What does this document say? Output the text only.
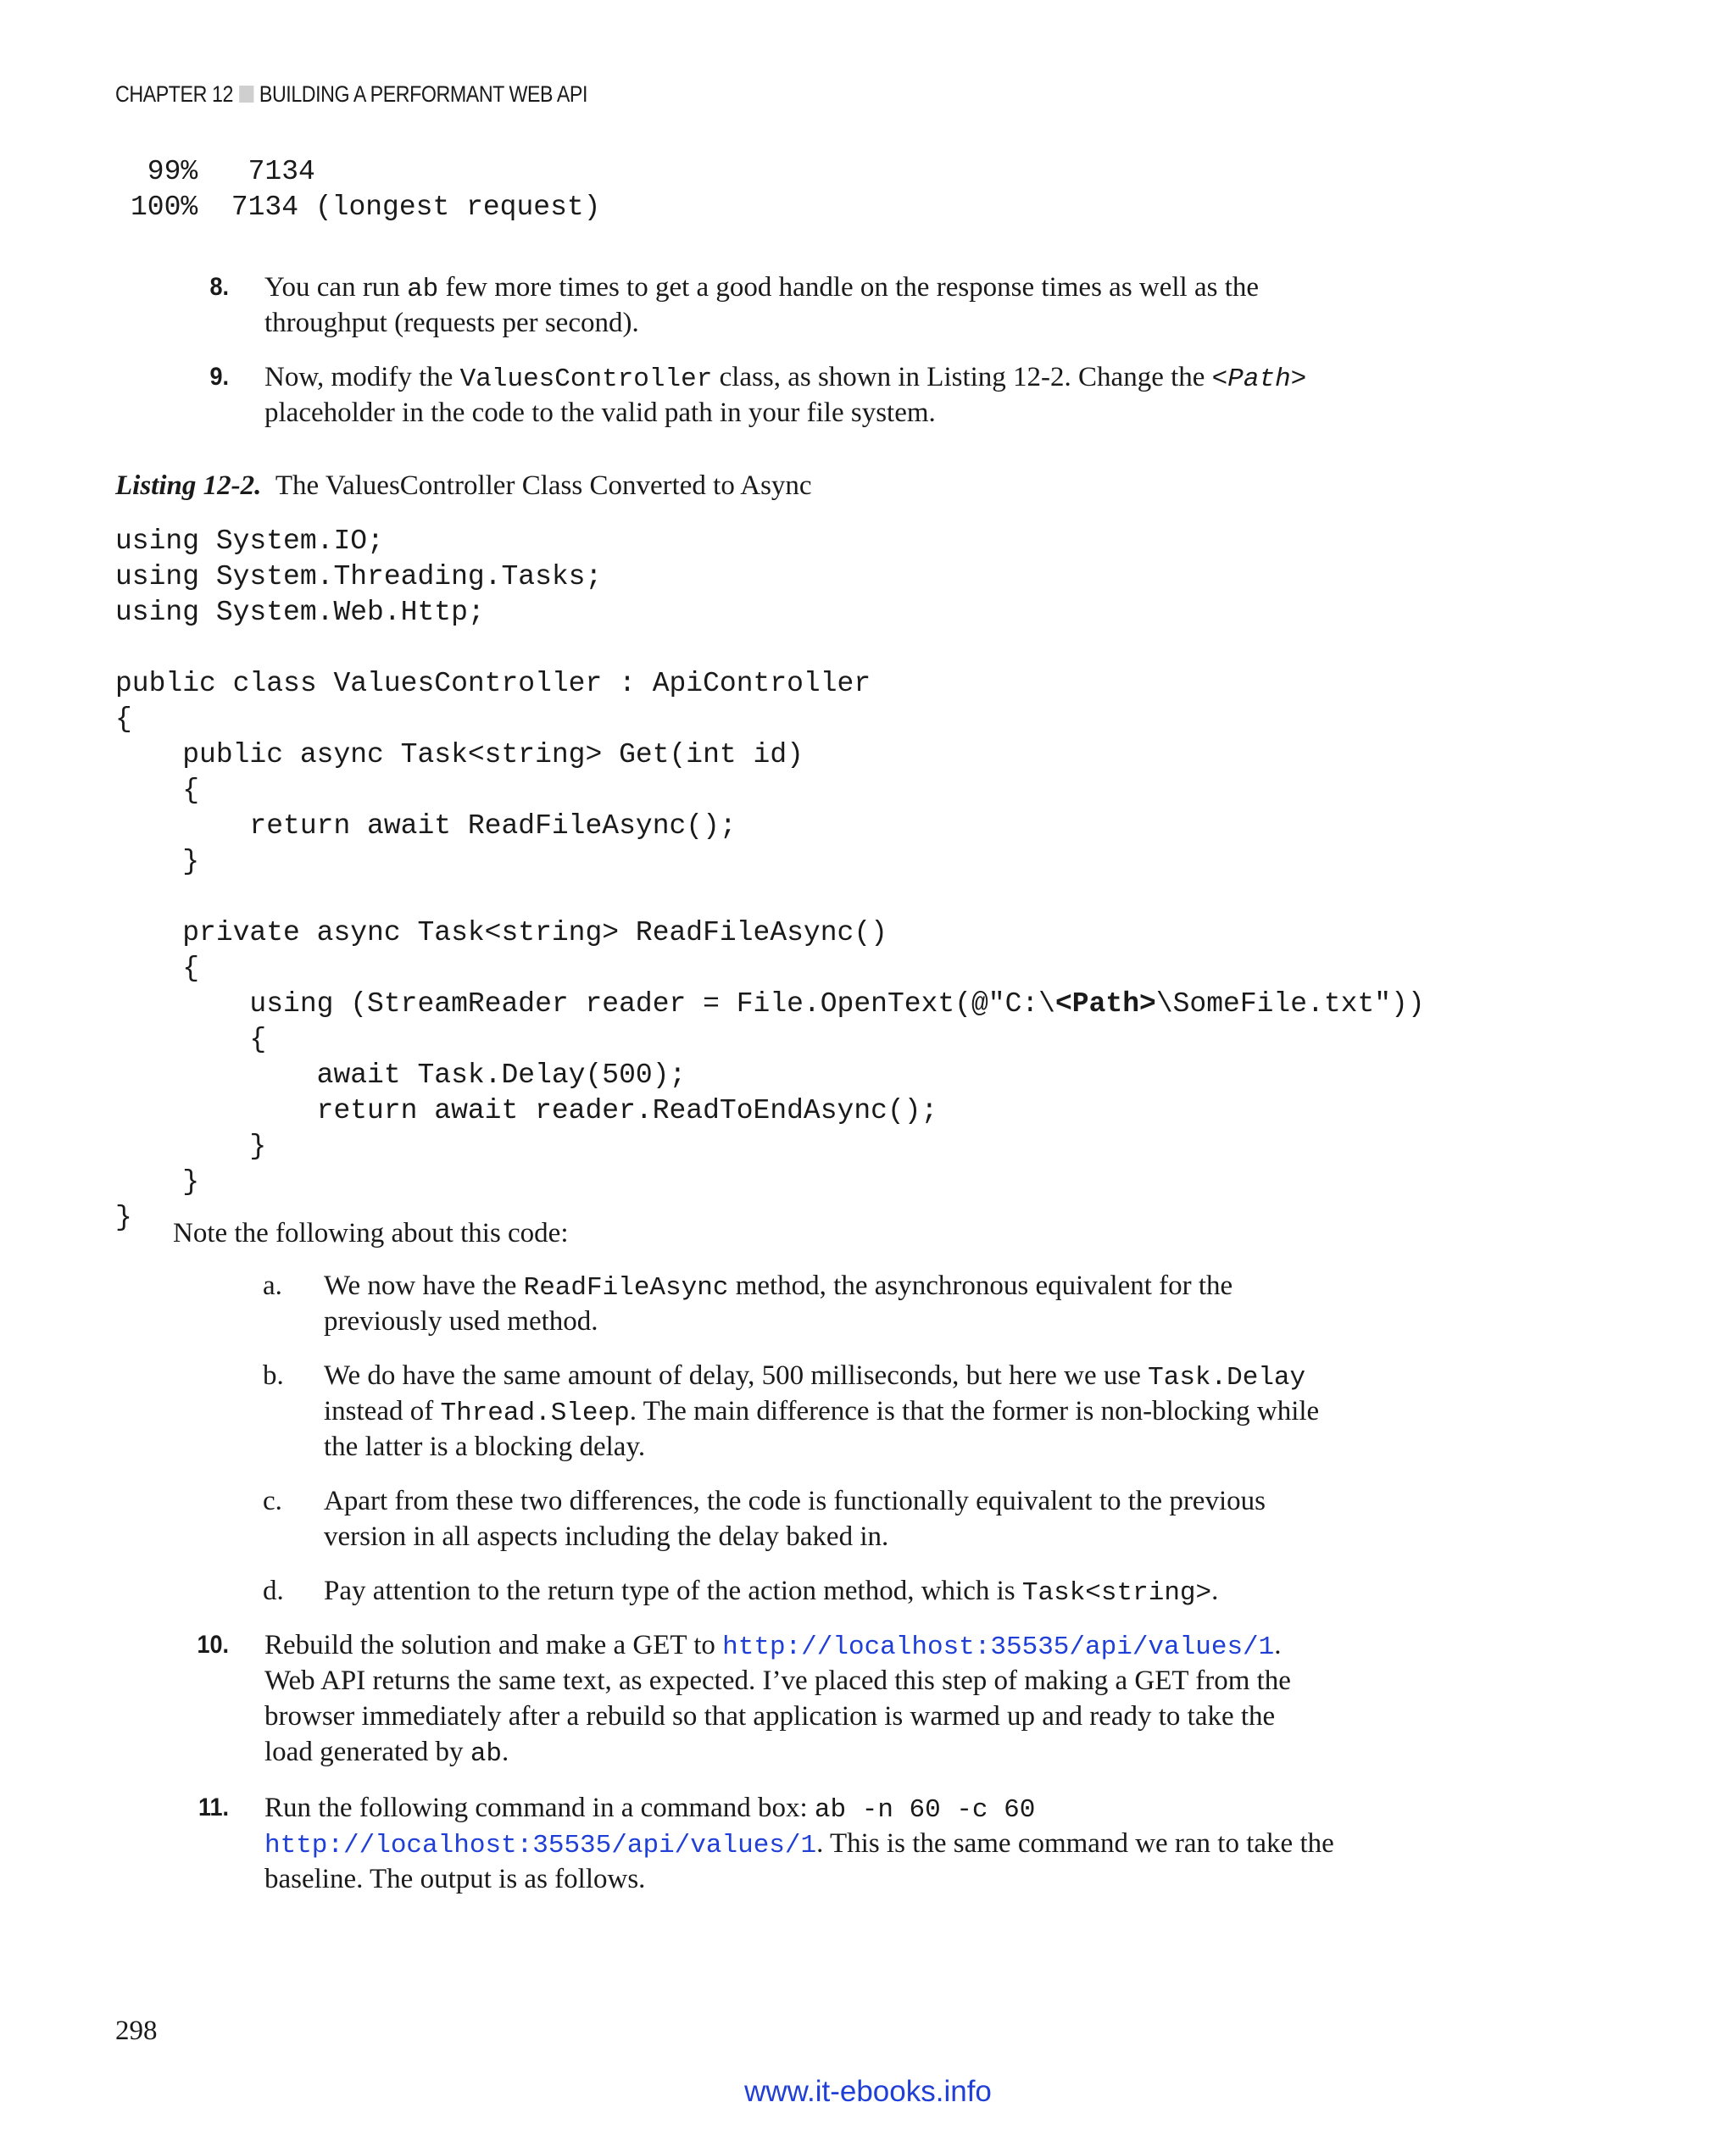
CHAPTER 12 BUILDING A PERFORMANT WEB API
99%   7134
100%  7134 (longest request)
8. You can run ab few more times to get a good handle on the response times as well as the
throughput (requests per second).
9. Now, modify the ValuesController class, as shown in Listing 12-2. Change the <Path>
placeholder in the code to the valid path in your file system.
Listing 12-2. The ValuesController Class Converted to Async
using System.IO;
using System.Threading.Tasks;
using System.Web.Http;

public class ValuesController : ApiController
{
public async Task<string> Get(int id)
{
return await ReadFileAsync();
}

private async Task<string> ReadFileAsync()
{
using (StreamReader reader = File.OpenText(@"C:\<Path>\SomeFile.txt"))
{
await Task.Delay(500);
return await reader.ReadToEndAsync();
}
}
}	Note the following about this code:
a. We now have the ReadFileAsync method, the asynchronous equivalent for the
previously used method.
b. We do have the same amount of delay, 500 milliseconds, but here we use Task.Delay
instead of Thread.Sleep. The main difference is that the former is non-blocking while
the latter is a blocking delay.
c. Apart from these two differences, the code is functionally equivalent to the previous
version in all aspects including the delay baked in.
d. Pay attention to the return type of the action method, which is Task<string>.
10. Rebuild the solution and make a GET to http://localhost:35535/api/values/1.
Web API returns the same text, as expected. I’ve placed this step of making a GET from the
browser immediately after a rebuild so that application is warmed up and ready to take the
load generated by ab.
11. Run the following command in a command box: ab -n 60 -c 60
http://localhost:35535/api/values/1. This is the same command we ran to take the
baseline. The output is as follows.
298
www.it-ebooks.info
